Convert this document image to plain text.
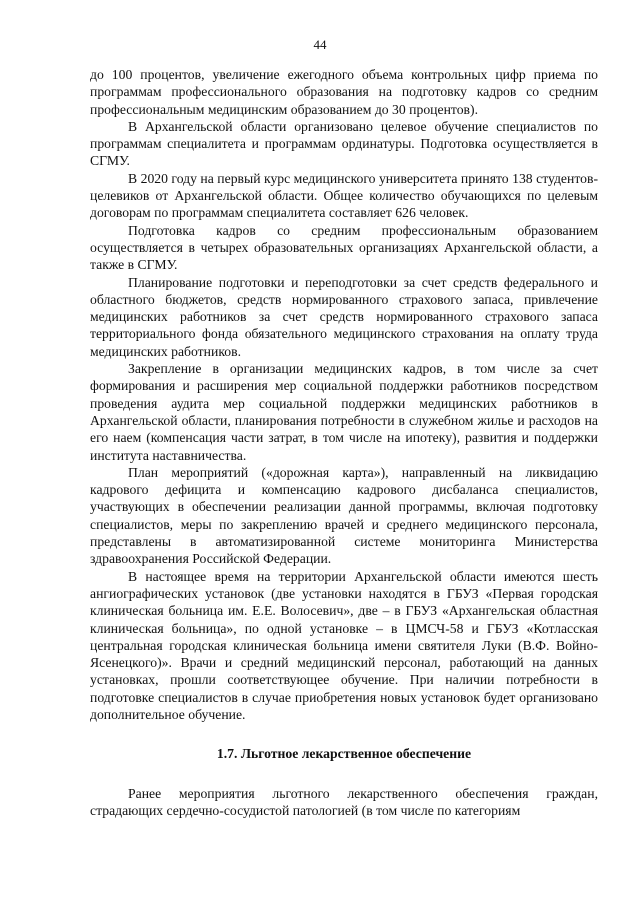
44

до 100 процентов, увеличение ежегодного объема контрольных цифр приема по программам профессионального образования на подготовку кадров со средним профессиональным медицинским образованием до 30 процентов).

В Архангельской области организовано целевое обучение специалистов по программам специалитета и программам ординатуры. Подготовка осуществляется в СГМУ.

В 2020 году на первый курс медицинского университета принято 138 студентов-целевиков от Архангельской области. Общее количество обучающихся по целевым договорам по программам специалитета составляет 626 человек.

Подготовка кадров со средним профессиональным образованием осуществляется в четырех образовательных организациях Архангельской области, а также в СГМУ.

Планирование подготовки и переподготовки за счет средств федерального и областного бюджетов, средств нормированного страхового запаса, привлечение медицинских работников за счет средств нормированного страхового запаса территориального фонда обязательного медицинского страхования на оплату труда медицинских работников.

Закрепление в организации медицинских кадров, в том числе за счет формирования и расширения мер социальной поддержки работников посредством проведения аудита мер социальной поддержки медицинских работников в Архангельской области, планирования потребности в служебном жилье и расходов на его наем (компенсация части затрат, в том числе на ипотеку), развития и поддержки института наставничества.

План мероприятий («дорожная карта»), направленный на ликвидацию кадрового дефицита и компенсацию кадрового дисбаланса специалистов, участвующих в обеспечении реализации данной программы, включая подготовку специалистов, меры по закреплению врачей и среднего медицинского персонала, представлены в автоматизированной системе мониторинга Министерства здравоохранения Российской Федерации.

В настоящее время на территории Архангельской области имеются шесть ангиографических установок (две установки находятся в ГБУЗ «Первая городская клиническая больница им. Е.Е. Волосевич», две – в ГБУЗ «Архангельская областная клиническая больница», по одной установке – в ЦМСЧ-58 и ГБУЗ «Котласская центральная городская клиническая больница имени святителя Луки (В.Ф. Войно-Ясенецкого)». Врачи и средний медицинский персонал, работающий на данных установках, прошли соответствующее обучение. При наличии потребности в подготовке специалистов в случае приобретения новых установок будет организовано дополнительное обучение.

1.7. Льготное лекарственное обеспечение

Ранее мероприятия льготного лекарственного обеспечения граждан, страдающих сердечно-сосудистой патологией (в том числе по категориям
